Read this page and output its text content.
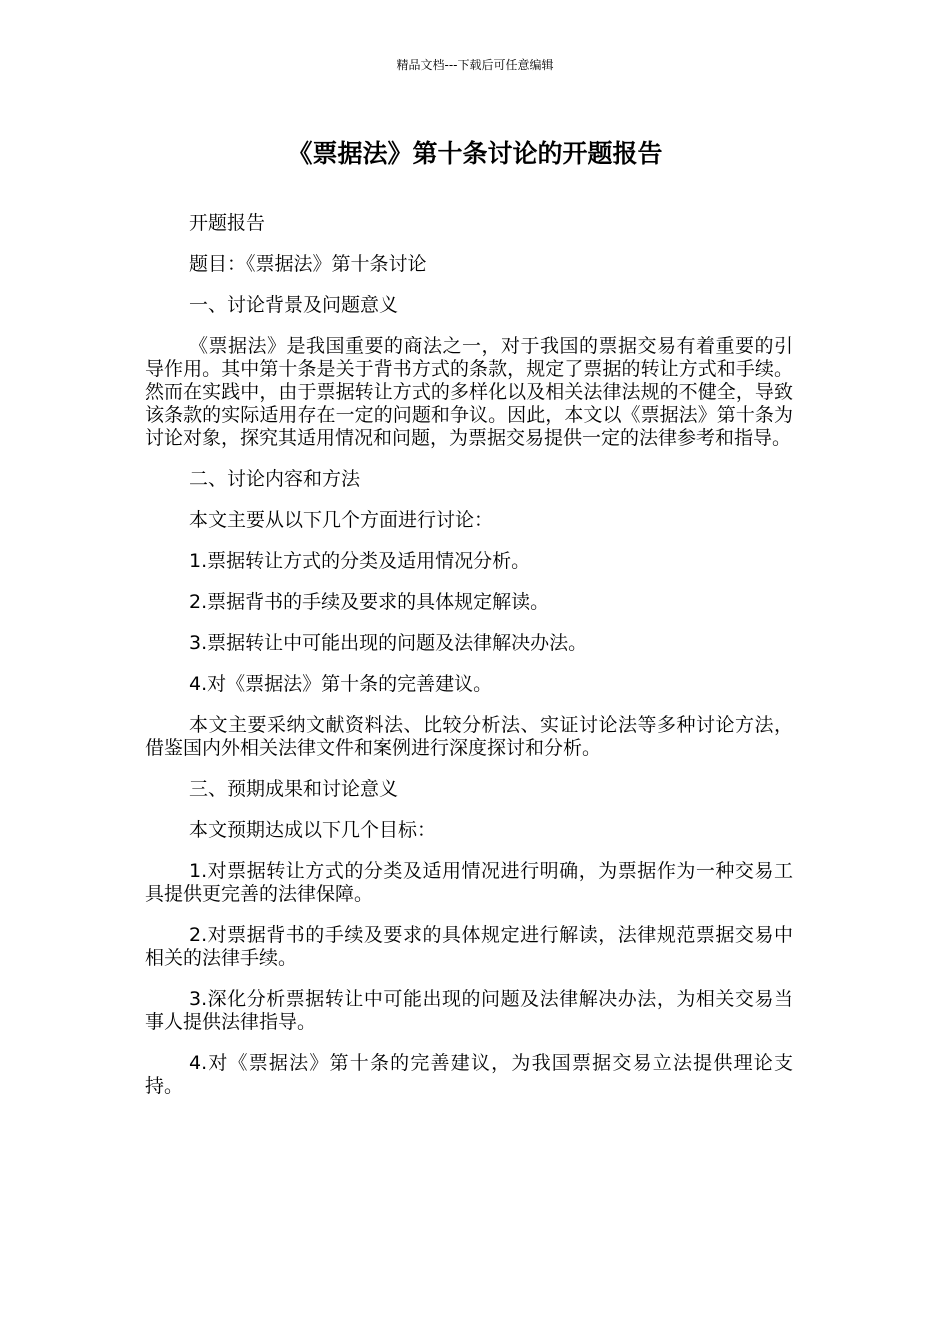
精品文档---下载后可任意编辑
《票据法》第十条讨论的开题报告

开题报告

题目：《票据法》第十条讨论

一、讨论背景及问题意义

《票据法》是我国重要的商法之一，对于我国的票据交易有着重要的引导作用。其中第十条是关于背书方式的条款，规定了票据的转让方式和手续。然而在实践中，由于票据转让方式的多样化以及相关法律法规的不健全，导致该条款的实际适用存在一定的问题和争议。因此，本文以《票据法》第十条为讨论对象，探究其适用情况和问题，为票据交易提供一定的法律参考和指导。

二、讨论内容和方法

本文主要从以下几个方面进行讨论：

1.票据转让方式的分类及适用情况分析。

2.票据背书的手续及要求的具体规定解读。

3.票据转让中可能出现的问题及法律解决办法。

4.对《票据法》第十条的完善建议。

本文主要采纳文献资料法、比较分析法、实证讨论法等多种讨论方法，借鉴国内外相关法律文件和案例进行深度探讨和分析。

三、预期成果和讨论意义

本文预期达成以下几个目标：

1.对票据转让方式的分类及适用情况进行明确，为票据作为一种交易工具提供更完善的法律保障。

2.对票据背书的手续及要求的具体规定进行解读，法律规范票据交易中相关的法律手续。

3.深化分析票据转让中可能出现的问题及法律解决办法，为相关交易当事人提供法律指导。

4.对《票据法》第十条的完善建议，为我国票据交易立法提供理论支持。
